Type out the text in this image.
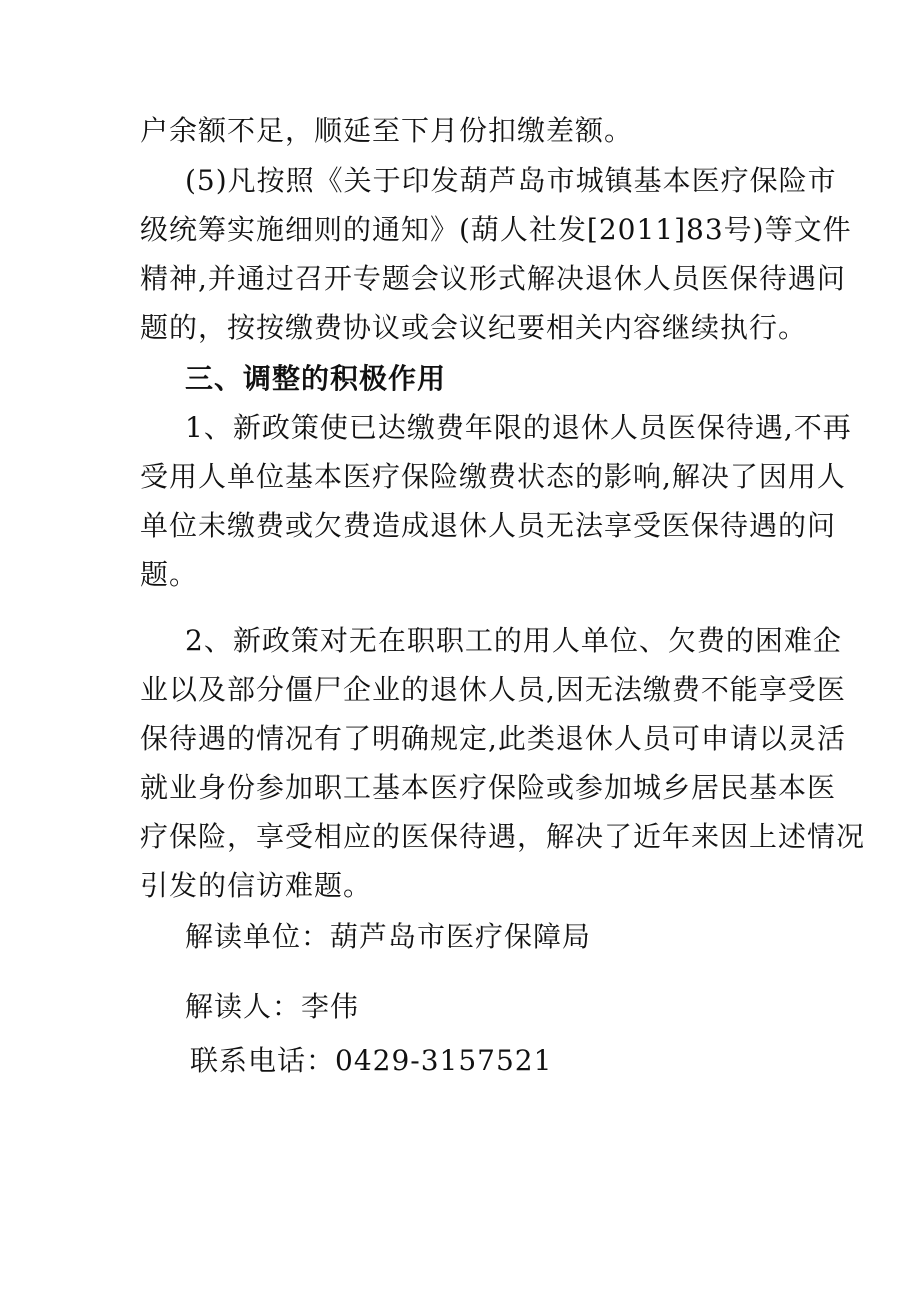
户余额不足，顺延至下月份扣缴差额。
(5)凡按照《关于印发葫芦岛市城镇基本医疗保险市
级统筹实施细则的通知》(葫人社发[2011]83号)等文件
精神,并通过召开专题会议形式解决退休人员医保待遇问
题的，按按缴费协议或会议纪要相关内容继续执行。
三、调整的积极作用
1、新政策使已达缴费年限的退休人员医保待遇,不再
受用人单位基本医疗保险缴费状态的影响,解决了因用人
单位未缴费或欠费造成退休人员无法享受医保待遇的问
题。
2、新政策对无在职职工的用人单位、欠费的困难企
业以及部分僵尸企业的退休人员,因无法缴费不能享受医
保待遇的情况有了明确规定,此类退休人员可申请以灵活
就业身份参加职工基本医疗保险或参加城乡居民基本医
疗保险，享受相应的医保待遇，解决了近年来因上述情况
引发的信访难题。
解读单位：葫芦岛市医疗保障局
解读人：李伟
联系电话：0429-3157521
